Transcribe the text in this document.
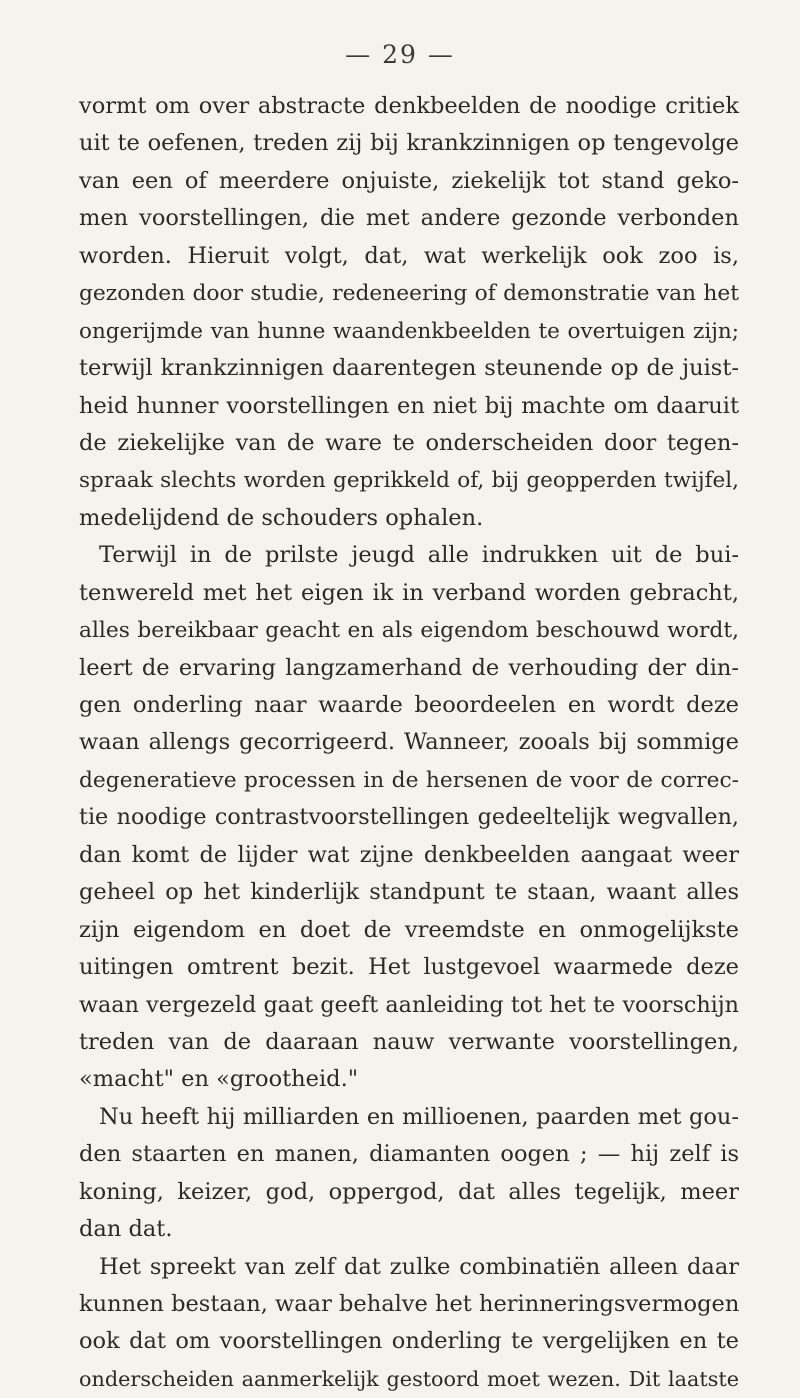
— 29 —
vormt om over abstracte denkbeelden de noodige critiek
uit te oefenen, treden zij bij krankzinnigen op tengevolge
van een of meerdere onjuiste, ziekelijk tot stand geko-
men voorstellingen, die met andere gezonde verbonden
worden. Hieruit volgt, dat, wat werkelijk ook zoo is,
gezonden door studie, redeneering of demonstratie van het
ongerijmde van hunne waandenkbeelden te overtuigen zijn;
terwijl krankzinnigen daarentegen steunende op de juist-
heid hunner voorstellingen en niet bij machte om daaruit
de ziekelijke van de ware te onderscheiden door tegen-
spraak slechts worden geprikkeld of, bij geopperden twijfel,
medelijdend de schouders ophalen.
Terwijl in de prilste jeugd alle indrukken uit de bui-
tenwereld met het eigen ik in verband worden gebracht,
alles bereikbaar geacht en als eigendom beschouwd wordt,
leert de ervaring langzamerhand de verhouding der din-
gen onderling naar waarde beoordeelen en wordt deze
waan allengs gecorrigeerd. Wanneer, zooals bij sommige
degeneratieve processen in de hersenen de voor de correc-
tie noodige contrastvoorstellingen gedeeltelijk wegvallen,
dan komt de lijder wat zijne denkbeelden aangaat weer
geheel op het kinderlijk standpunt te staan, waant alles
zijn eigendom en doet de vreemdste en onmogelijkste
uitingen omtrent bezit. Het lustgevoel waarmede deze
waan vergezeld gaat geeft aanleiding tot het te voorschijn
treden van de daaraan nauw verwante voorstellingen,
«macht" en «grootheid."
Nu heeft hij milliarden en millioenen, paarden met gou-
den staarten en manen, diamanten oogen ; — hij zelf is
koning, keizer, god, oppergod, dat alles tegelijk, meer
dan dat.
Het spreekt van zelf dat zulke combinatiën alleen daar
kunnen bestaan, waar behalve het herinneringsvermogen
ook dat om voorstellingen onderling te vergelijken en te
onderscheiden aanmerkelijk gestoord moet wezen. Dit laatste
